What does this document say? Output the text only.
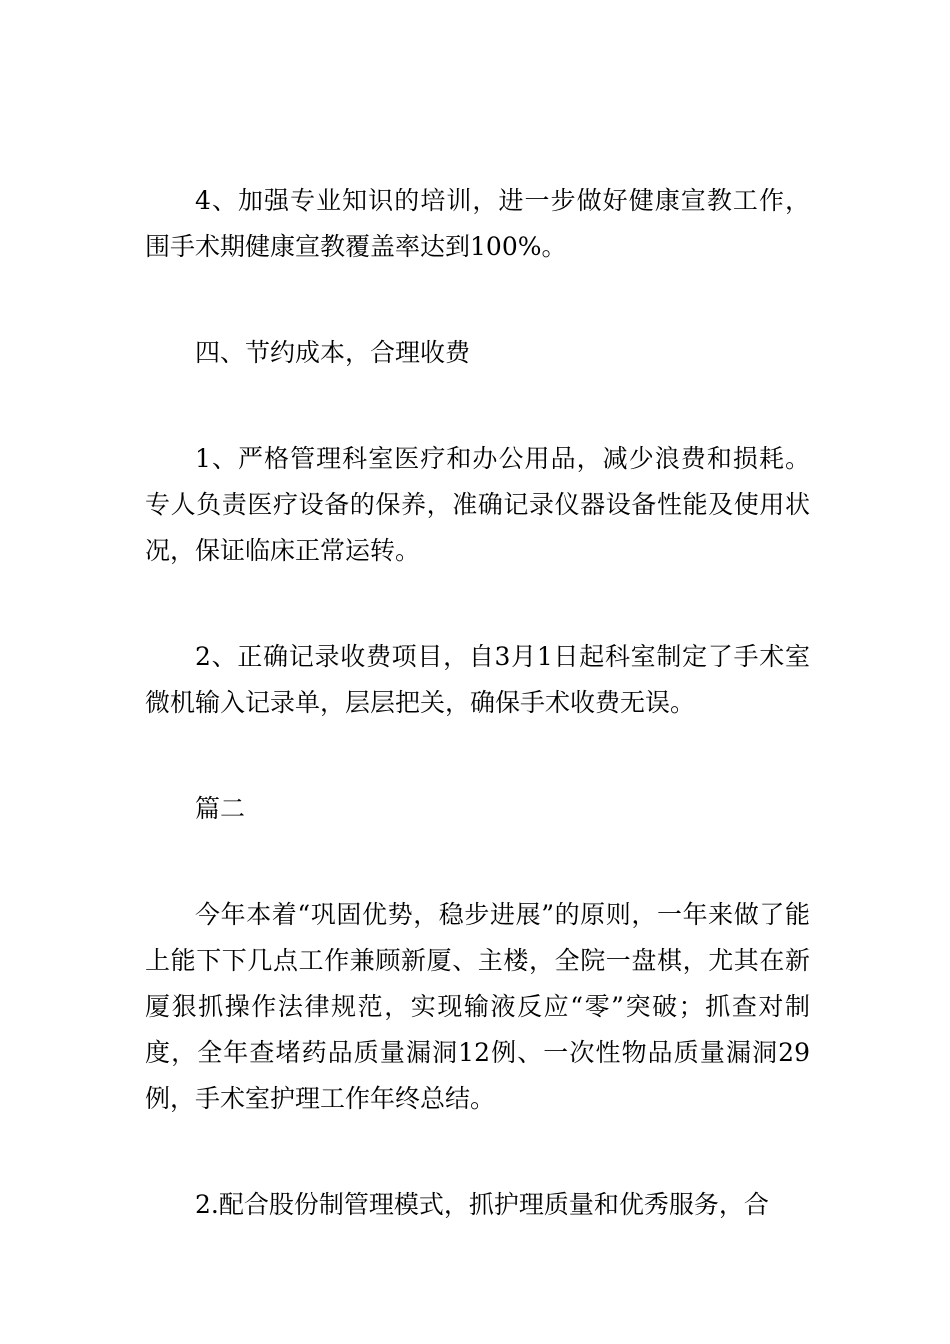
4、加强专业知识的培训，进一步做好健康宣教工作，围手术期健康宣教覆盖率达到100%。

四、节约成本，合理收费

1、严格管理科室医疗和办公用品，减少浪费和损耗。专人负责医疗设备的保养，准确记录仪器设备性能及使用状况，保证临床正常运转。

2、正确记录收费项目，自3月1日起科室制定了手术室微机输入记录单，层层把关，确保手术收费无误。

篇二

今年本着“巩固优势，稳步进展”的原则，一年来做了能上能下下几点工作兼顾新厦、主楼，全院一盘棋，尤其在新厦狠抓操作法律规范，实现输液反应“零”突破；抓查对制度，全年查堵药品质量漏洞12例、一次性物品质量漏洞29例，手术室护理工作年终总结。

2.配合股份制管理模式，抓护理质量和优秀服务，合
